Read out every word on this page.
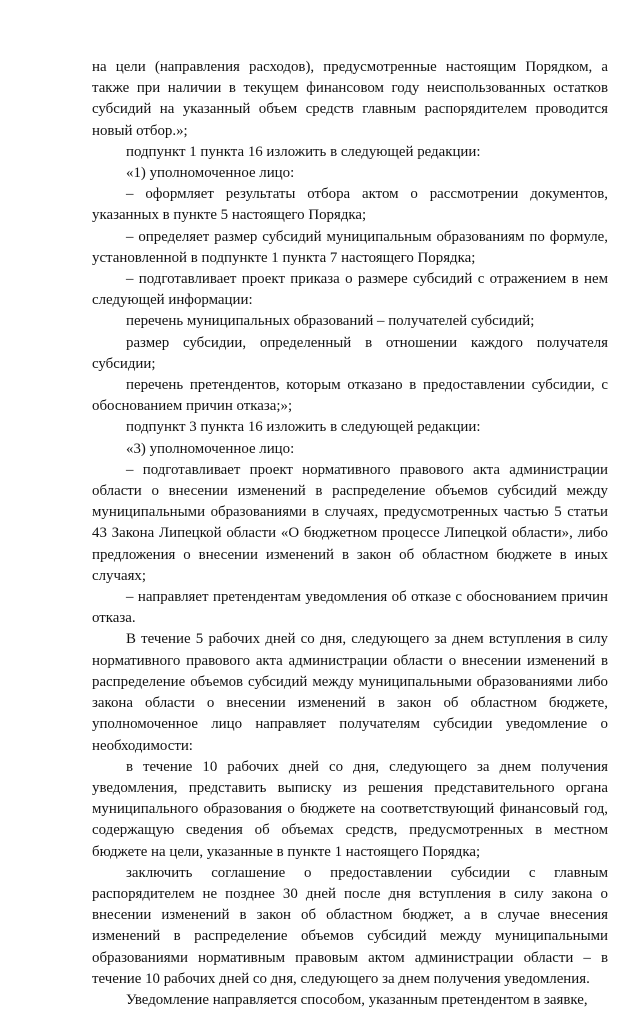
на цели (направления расходов), предусмотренные настоящим Порядком, а также при наличии в текущем финансовом году неиспользованных остатков субсидий на указанный объем средств главным распорядителем проводится новый отбор.»;

подпункт 1 пункта 16 изложить в следующей редакции:

«1) уполномоченное лицо:

– оформляет результаты отбора актом о рассмотрении документов, указанных в пункте 5 настоящего Порядка;

– определяет размер субсидий муниципальным образованиям по формуле, установленной в подпункте 1 пункта 7 настоящего Порядка;

– подготавливает проект приказа о размере субсидий с отражением в нем следующей информации:

перечень муниципальных образований – получателей субсидий;

размер субсидии, определенный в отношении каждого получателя субсидии;

перечень претендентов, которым отказано в предоставлении субсидии, с обоснованием причин отказа;»;

подпункт 3 пункта 16 изложить в следующей редакции:

«3) уполномоченное лицо:

– подготавливает проект нормативного правового акта администрации области о внесении изменений в распределение объемов субсидий между муниципальными образованиями в случаях, предусмотренных частью 5 статьи 43 Закона Липецкой области «О бюджетном процессе Липецкой области», либо предложения о внесении изменений в закон об областном бюджете в иных случаях;

– направляет претендентам уведомления об отказе с обоснованием причин отказа.

В течение 5 рабочих дней со дня, следующего за днем вступления в силу нормативного правового акта администрации области о внесении изменений в распределение объемов субсидий между муниципальными образованиями либо закона области о внесении изменений в закон об областном бюджете, уполномоченное лицо направляет получателям субсидии уведомление о необходимости:

в течение 10 рабочих дней со дня, следующего за днем получения уведомления, представить выписку из решения представительного органа муниципального образования о бюджете на соответствующий финансовый год, содержащую сведения об объемах средств, предусмотренных в местном бюджете на цели, указанные в пункте 1 настоящего Порядка;

заключить соглашение о предоставлении субсидии с главным распорядителем не позднее 30 дней после дня вступления в силу закона о внесении изменений в закон об областном бюджет, а в случае внесения изменений в распределение объемов субсидий между муниципальными образованиями нормативным правовым актом администрации области – в течение 10 рабочих дней со дня, следующего за днем получения уведомления.

Уведомление направляется способом, указанным претендентом в заявке,
